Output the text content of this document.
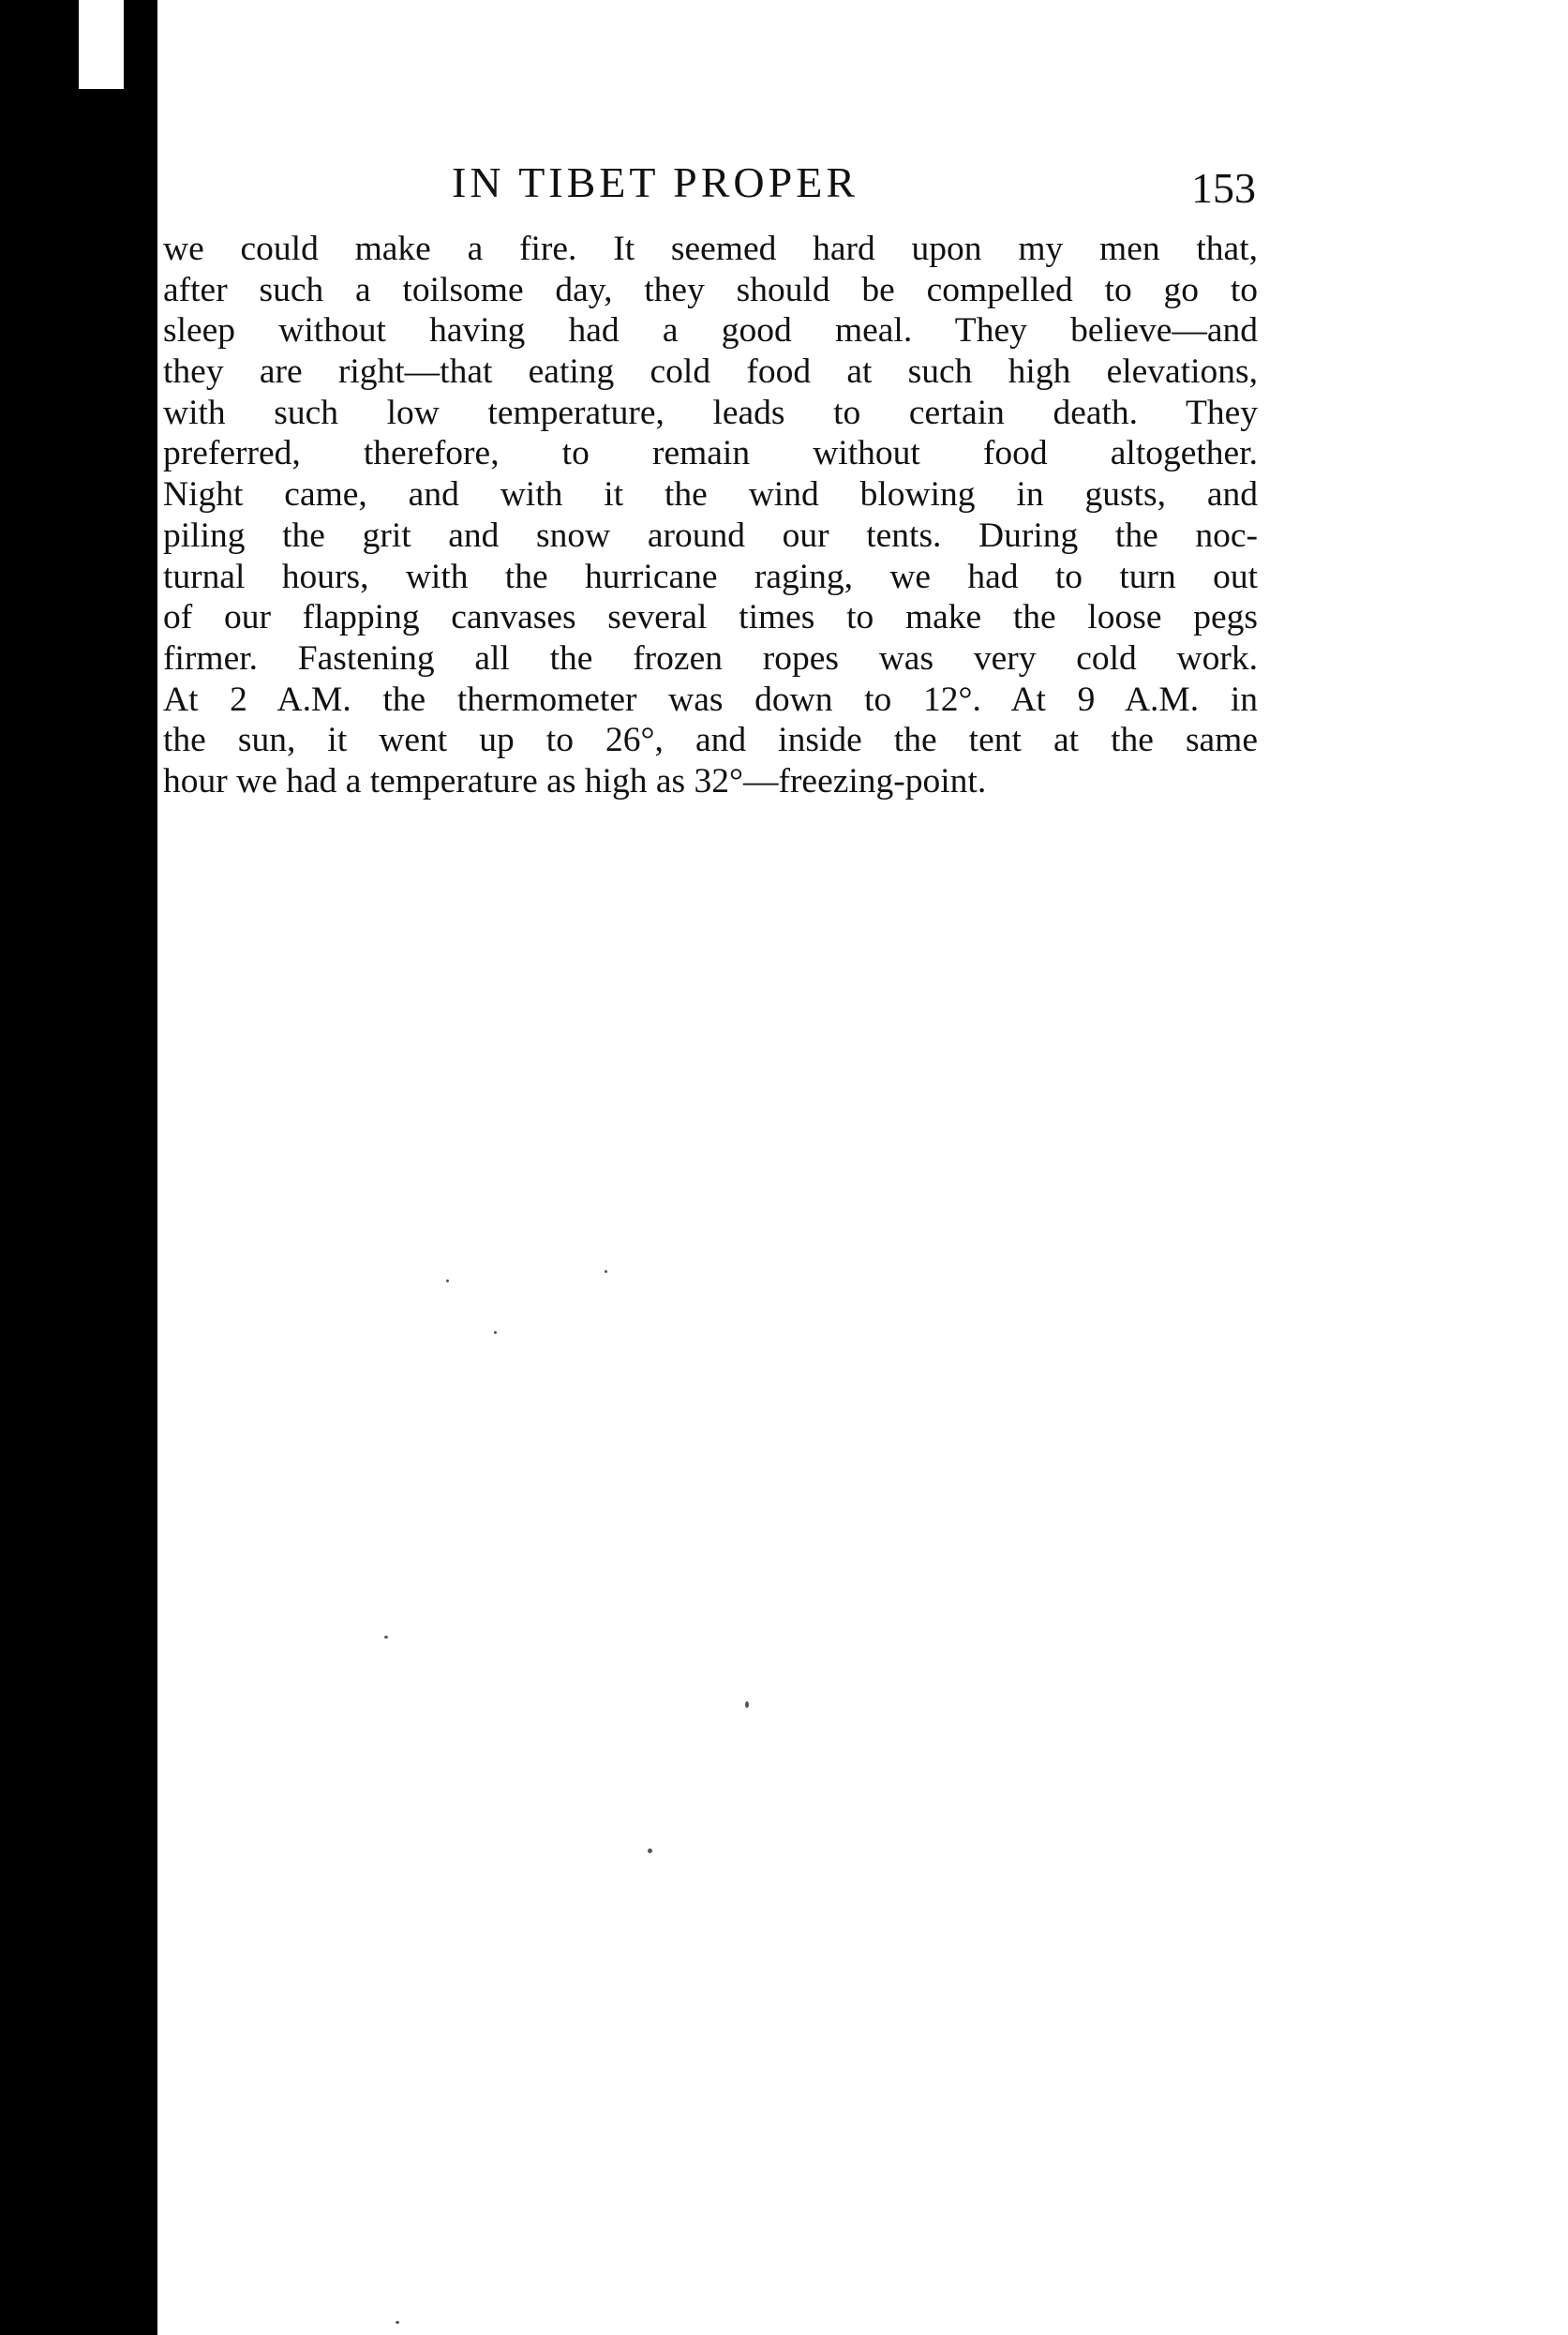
IN TIBET PROPER	153
we could make a fire. It seemed hard upon my men that,
after such a toilsome day, they should be compelled to go to
sleep without having had a good meal. They believe—and
they are right—that eating cold food at such high elevations,
with such low temperature, leads to certain death. They
preferred, therefore, to remain without food altogether.
Night came, and with it the wind blowing in gusts, and
piling the grit and snow around our tents. During the noc-
turnal hours, with the hurricane raging, we had to turn out
of our flapping canvases several times to make the loose pegs
firmer. Fastening all the frozen ropes was very cold work.
At 2 A.M. the thermometer was down to 12°. At 9 A.M. in
the sun, it went up to 26°, and inside the tent at the same
hour we had a temperature as high as 32°—freezing-point.
